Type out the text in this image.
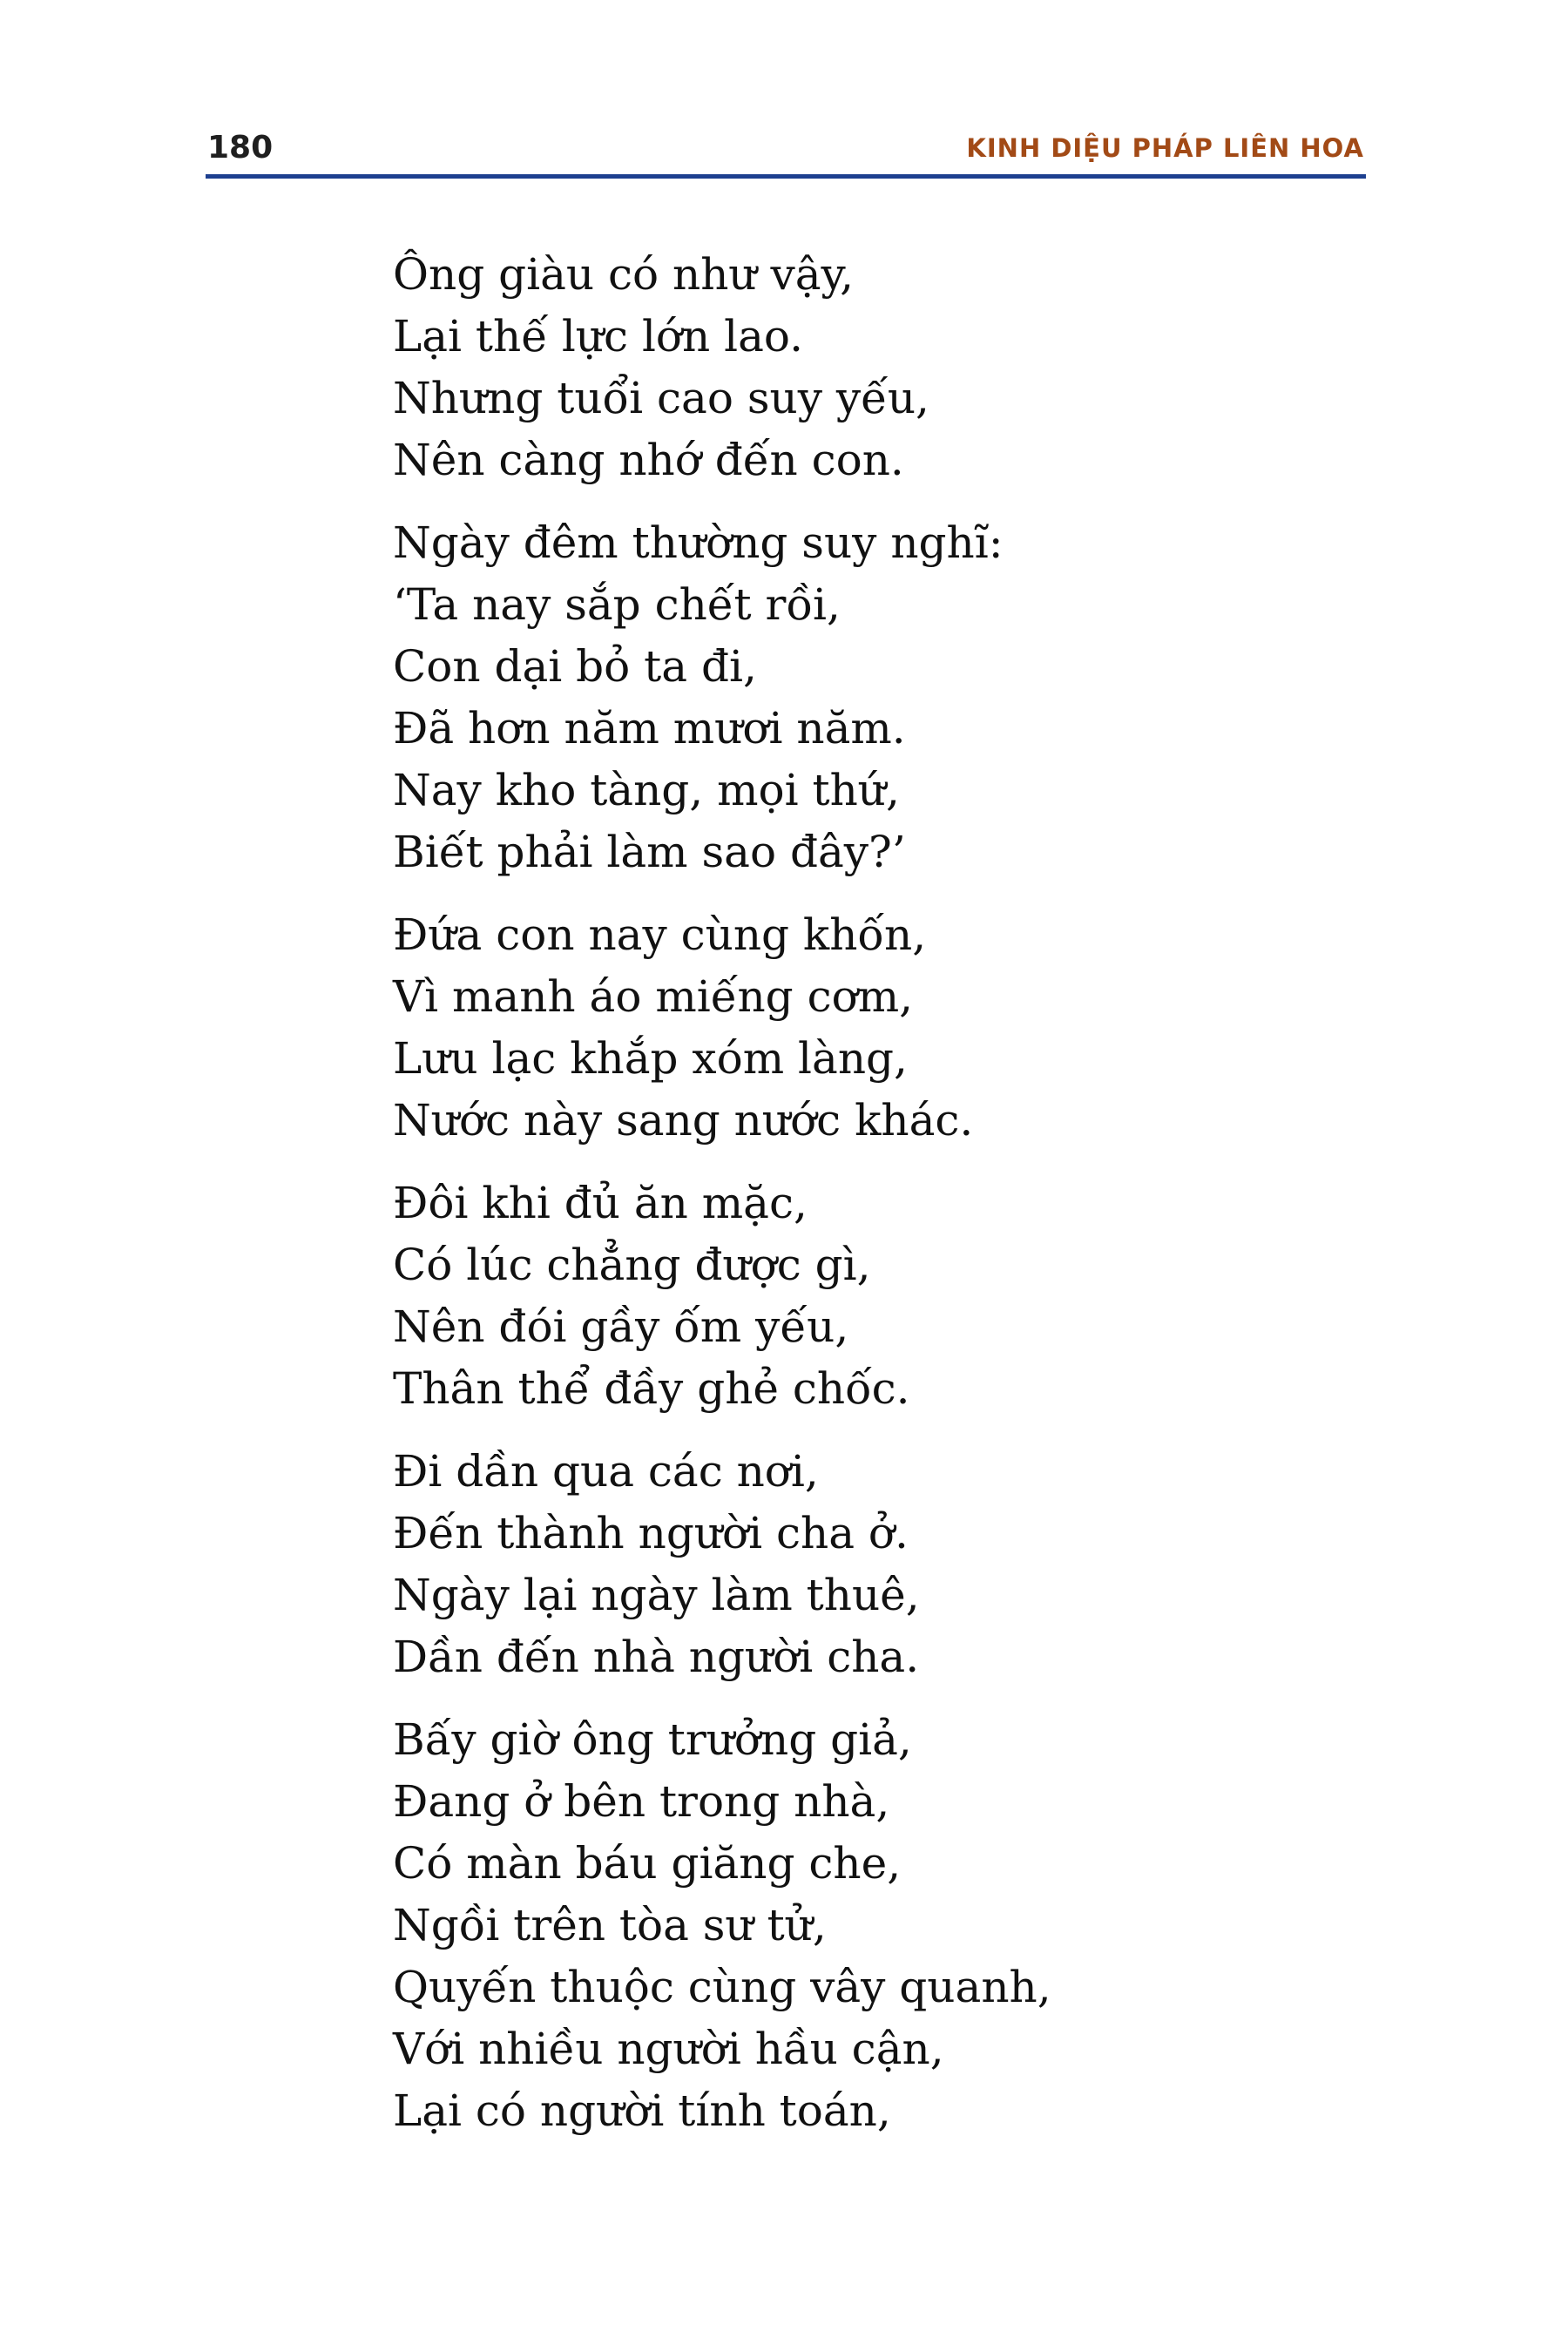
180	KINH DIỆU PHÁP LIÊN HOA
Ông giàu có như vậy,
Lại thế lực lớn lao.
Nhưng tuổi cao suy yếu,
Nên càng nhớ đến con.
Ngày đêm thường suy nghĩ:
‘Ta nay sắp chết rồi,
Con dại bỏ ta đi,
Đã hơn năm mươi năm.
Nay kho tàng, mọi thứ,
Biết phải làm sao đây?’
Đứa con nay cùng khốn,
Vì manh áo miếng cơm,
Lưu lạc khắp xóm làng,
Nước này sang nước khác.
Đôi khi đủ ăn mặc,
Có lúc chẳng được gì,
Nên đói gầy ốm yếu,
Thân thể đầy ghẻ chốc.
Đi dần qua các nơi,
Đến thành người cha ở.
Ngày lại ngày làm thuê,
Dần đến nhà người cha.
Bấy giờ ông trưởng giả,
Đang ở bên trong nhà,
Có màn báu giăng che,
Ngồi trên tòa sư tử,
Quyến thuộc cùng vây quanh,
Với nhiều người hầu cận,
Lại có người tính toán,
